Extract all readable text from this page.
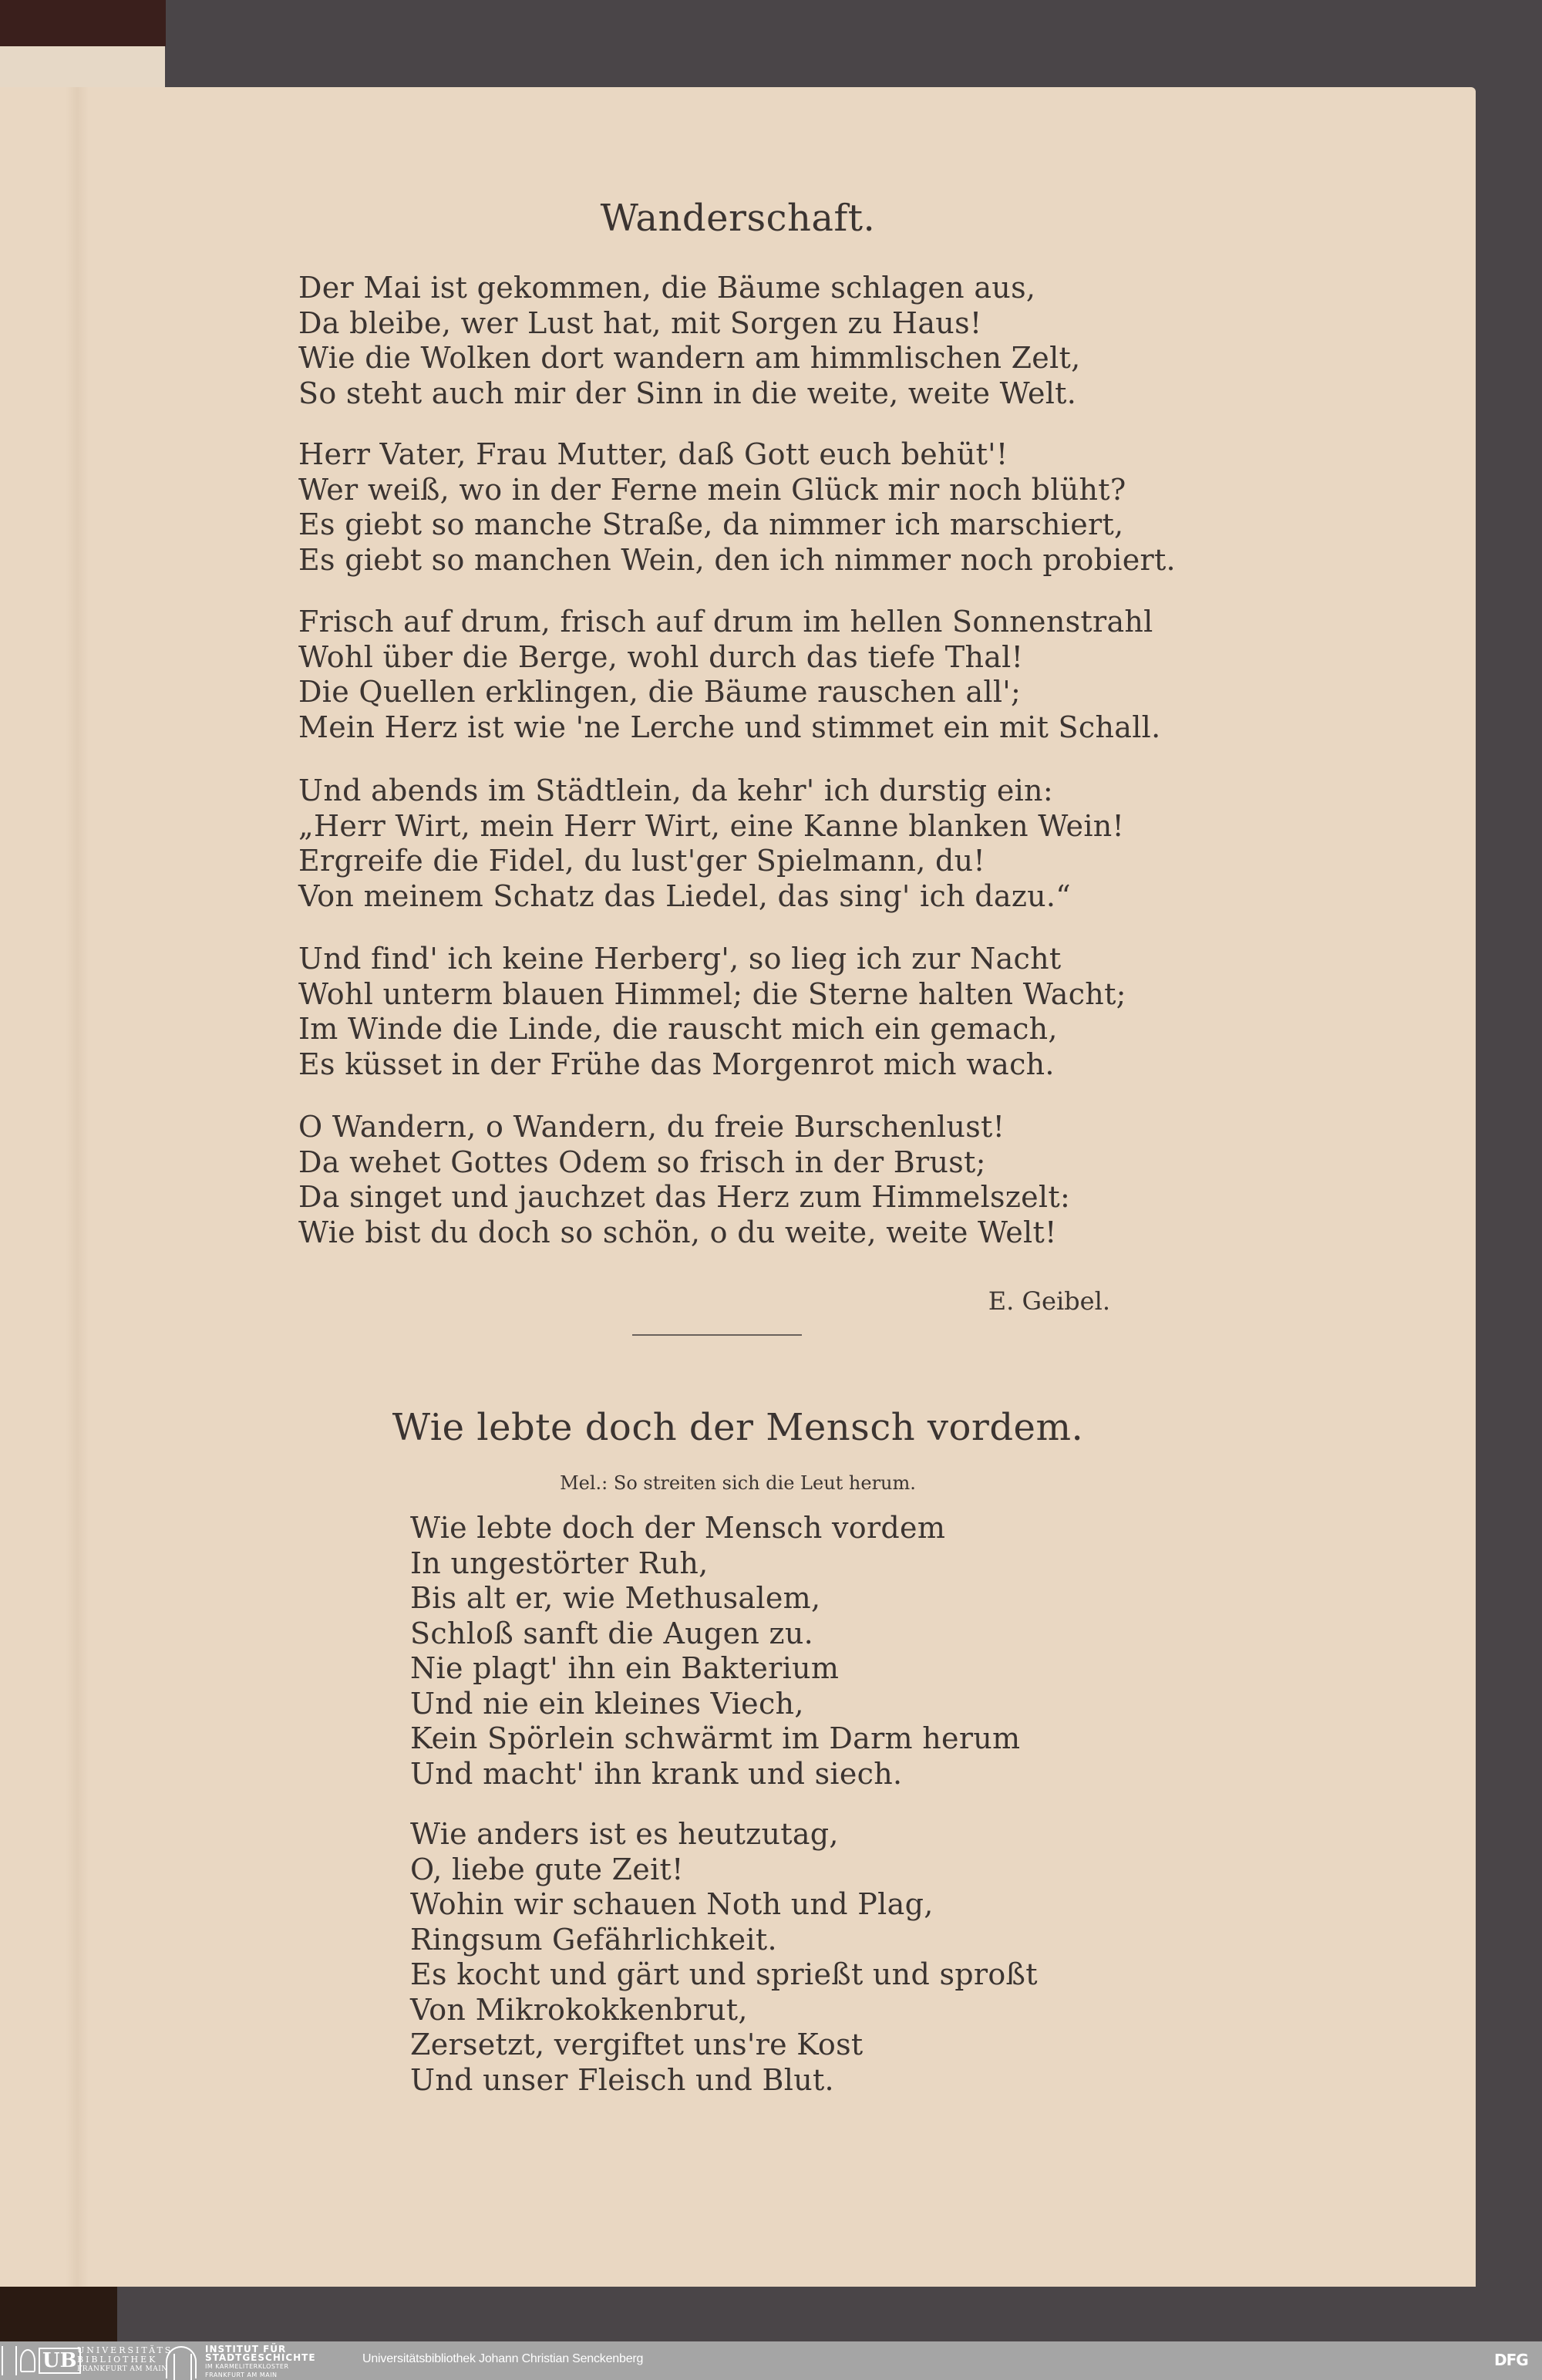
Wanderschaft.
Der Mai ist gekommen, die Bäume schlagen aus,
Da bleibe, wer Lust hat, mit Sorgen zu Haus!
Wie die Wolken dort wandern am himmlischen Zelt,
So steht auch mir der Sinn in die weite, weite Welt.
Herr Vater, Frau Mutter, daß Gott euch behüt'!
Wer weiß, wo in der Ferne mein Glück mir noch blüht?
Es giebt so manche Straße, da nimmer ich marschiert,
Es giebt so manchen Wein, den ich nimmer noch probiert.
Frisch auf drum, frisch auf drum im hellen Sonnenstrahl
Wohl über die Berge, wohl durch das tiefe Thal!
Die Quellen erklingen, die Bäume rauschen all';
Mein Herz ist wie 'ne Lerche und stimmet ein mit Schall.
Und abends im Städtlein, da kehr' ich durstig ein:
„Herr Wirt, mein Herr Wirt, eine Kanne blanken Wein!
Ergreife die Fidel, du lust'ger Spielmann, du!
Von meinem Schatz das Liedel, das sing' ich dazu.“
Und find' ich keine Herberg', so lieg ich zur Nacht
Wohl unterm blauen Himmel; die Sterne halten Wacht;
Im Winde die Linde, die rauscht mich ein gemach,
Es küsset in der Frühe das Morgenrot mich wach.
O Wandern, o Wandern, du freie Burschenlust!
Da wehet Gottes Odem so frisch in der Brust;
Da singet und jauchzet das Herz zum Himmelszelt:
Wie bist du doch so schön, o du weite, weite Welt!
E. Geibel.
Wie lebte doch der Mensch vordem.
Mel.: So streiten sich die Leut herum.
Wie lebte doch der Mensch vordem
In ungestörter Ruh,
Bis alt er, wie Methusalem,
Schloß sanft die Augen zu.
Nie plagt' ihn ein Bakterium
Und nie ein kleines Viech,
Kein Spörlein schwärmt im Darm herum
Und macht' ihn krank und siech.
Wie anders ist es heutzutag,
O, liebe gute Zeit!
Wohin wir schauen Noth und Plag,
Ringsum Gefährlichkeit.
Es kocht und gärt und sprießt und sproßt
Von Mikrokokkenbrut,
Zersetzt, vergiftet uns're Kost
Und unser Fleisch und Blut.
UB UNIVERSITÄTS
BIBLIOTHEK
FRANKFURT AM MAIN
INSTITUT FÜR
STADTGESCHICHTE
IM KARMELITERKLOSTER
FRANKFURT AM MAIN
Universitätsbibliothek Johann Christian Senckenberg	DFG
